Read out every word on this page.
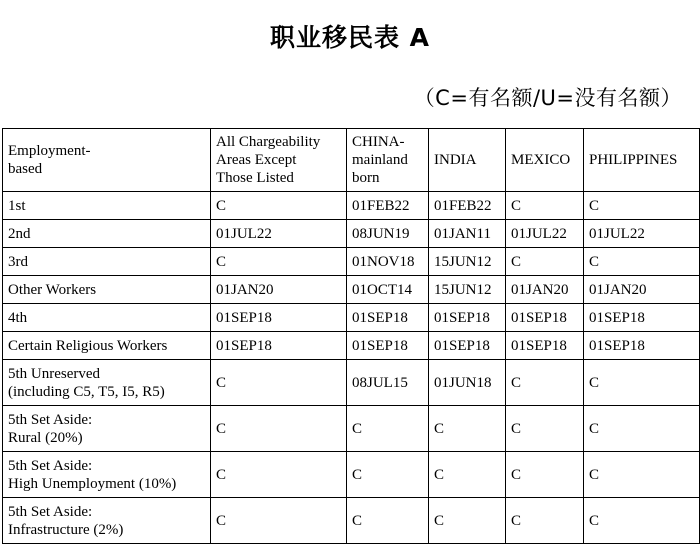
职业移民表 A
（C=有名额/U=没有名额）
Employment-
based	All Chargeability
Areas Except
Those Listed	CHINA-
mainland
born	INDIA	MEXICO	PHILIPPINES
1st	C	01FEB22	01FEB22	C	C
2nd	01JUL22	08JUN19	01JAN11	01JUL22	01JUL22
3rd	C	01NOV18	15JUN12	C	C
Other Workers	01JAN20	01OCT14	15JUN12	01JAN20	01JAN20
4th	01SEP18	01SEP18	01SEP18	01SEP18	01SEP18
Certain Religious Workers	01SEP18	01SEP18	01SEP18	01SEP18	01SEP18
5th Unreserved
(including C5, T5, I5, R5)	C	08JUL15	01JUN18	C	C
5th Set Aside:
Rural (20%)	C	C	C	C	C
5th Set Aside:
High Unemployment (10%)	C	C	C	C	C
5th Set Aside:
Infrastructure (2%)	C	C	C	C	C
